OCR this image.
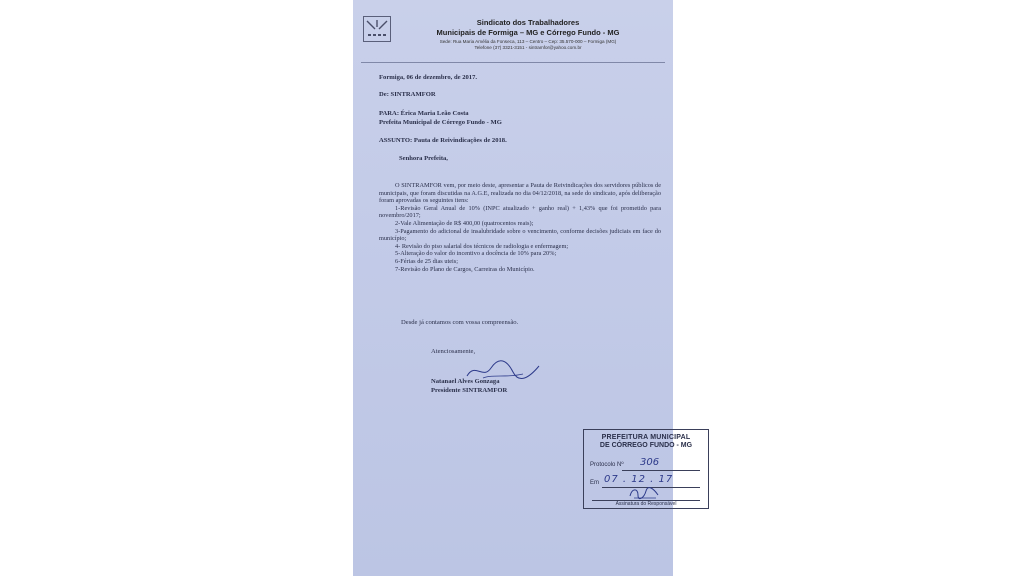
Sindicato dos Trabalhadores
Municipais de Formiga – MG e Córrego Fundo - MG
Sede: Rua Maria Amélia da Fonseca, 113 – Centro – Cep: 35.570-000 – Formiga (MG)
Telefone (37) 3321-3151 - sintramfor@yahoo.com.br
Formiga, 06 de dezembro, de 2017.
De: SINTRAMFOR
PARA: Érica Maria Leão Costa
Prefeita Municipal de Córrego Fundo - MG
ASSUNTO: Pauta de Reivindicações de 2018.
Senhora Prefeita,
O SINTRAMFOR vem, por meio deste, apresentar a Pauta de Reivindicações dos servidores públicos de municipais, que foram discutidas na A.G.E, realizada no dia 04/12/2018, na sede do sindicato, após deliberação foram aprovadas os seguintes itens:
1-Revisão Geral Anual de 10% (INPC atualizado + ganho real) + 1,43% que foi prometido para novembro/2017;
2-Vale Alimentação de R$ 400,00 (quatrocentos reais);
3-Pagamento do adicional de insalubridade sobre o vencimento, conforme decisões judiciais em face do município;
4- Revisão do piso salarial dos técnicos de radiologia e enfermagem;
5-Alteração do valor do incentivo a docência de 10% para 20%;
6-Férias de 25 dias uteis;
7-Revisão do Plano de Cargos, Carreiras do Município.
Desde já contamos com vossa compreensão.
Atenciosamente,
Natanael Alves Gonzaga
Presidente SINTRAMFOR
PREFEITURA MUNICIPAL
DE CÓRREGO FUNDO - MG
Protocolo Nº 306
Em 07 . 12 . 17
Assinatura do Responsável
